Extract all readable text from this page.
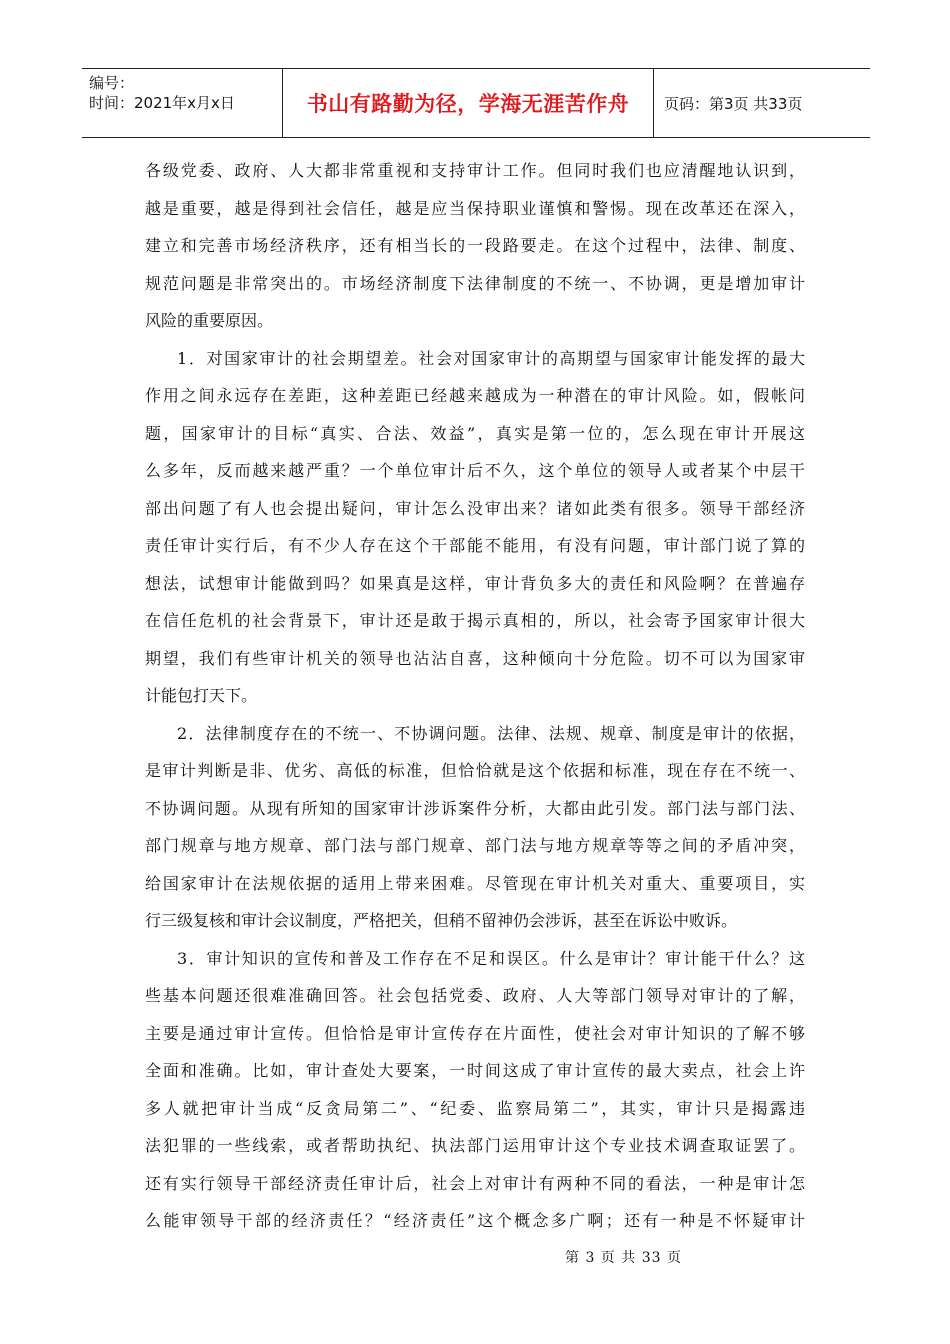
编号：
时间：2021年x月x日	书山有路勤为径，学海无涯苦作舟	页码：第3页 共33页
各级党委、政府、人大都非常重视和支持审计工作。但同时我们也应清醒地认识到，
越是重要，越是得到社会信任，越是应当保持职业谨慎和警惕。现在改革还在深入，
建立和完善市场经济秩序，还有相当长的一段路要走。在这个过程中，法律、制度、
规范问题是非常突出的。市场经济制度下法律制度的不统一、不协调，更是增加审计
风险的重要原因。
1．对国家审计的社会期望差。社会对国家审计的高期望与国家审计能发挥的最大
作用之间永远存在差距，这种差距已经越来越成为一种潜在的审计风险。如，假帐问
题，国家审计的目标“真实、合法、效益”，真实是第一位的，怎么现在审计开展这
么多年，反而越来越严重？一个单位审计后不久，这个单位的领导人或者某个中层干
部出问题了有人也会提出疑问，审计怎么没审出来？诸如此类有很多。领导干部经济
责任审计实行后，有不少人存在这个干部能不能用，有没有问题，审计部门说了算的
想法，试想审计能做到吗？如果真是这样，审计背负多大的责任和风险啊？在普遍存
在信任危机的社会背景下，审计还是敢于揭示真相的，所以，社会寄予国家审计很大
期望，我们有些审计机关的领导也沾沾自喜，这种倾向十分危险。切不可以为国家审
计能包打天下。
2．法律制度存在的不统一、不协调问题。法律、法规、规章、制度是审计的依据，
是审计判断是非、优劣、高低的标准，但恰恰就是这个依据和标准，现在存在不统一、
不协调问题。从现有所知的国家审计涉诉案件分析，大都由此引发。部门法与部门法、
部门规章与地方规章、部门法与部门规章、部门法与地方规章等等之间的矛盾冲突，
给国家审计在法规依据的适用上带来困难。尽管现在审计机关对重大、重要项目，实
行三级复核和审计会议制度，严格把关，但稍不留神仍会涉诉，甚至在诉讼中败诉。
3．审计知识的宣传和普及工作存在不足和误区。什么是审计？审计能干什么？这
些基本问题还很难准确回答。社会包括党委、政府、人大等部门领导对审计的了解，
主要是通过审计宣传。但恰恰是审计宣传存在片面性，使社会对审计知识的了解不够
全面和准确。比如，审计查处大要案，一时间这成了审计宣传的最大卖点，社会上许
多人就把审计当成“反贪局第二”、“纪委、监察局第二”，其实，审计只是揭露违
法犯罪的一些线索，或者帮助执纪、执法部门运用审计这个专业技术调查取证罢了。
还有实行领导干部经济责任审计后，社会上对审计有两种不同的看法，一种是审计怎
么能审领导干部的经济责任？“经济责任”这个概念多广啊；还有一种是不怀疑审计
第 3 页 共 33 页
